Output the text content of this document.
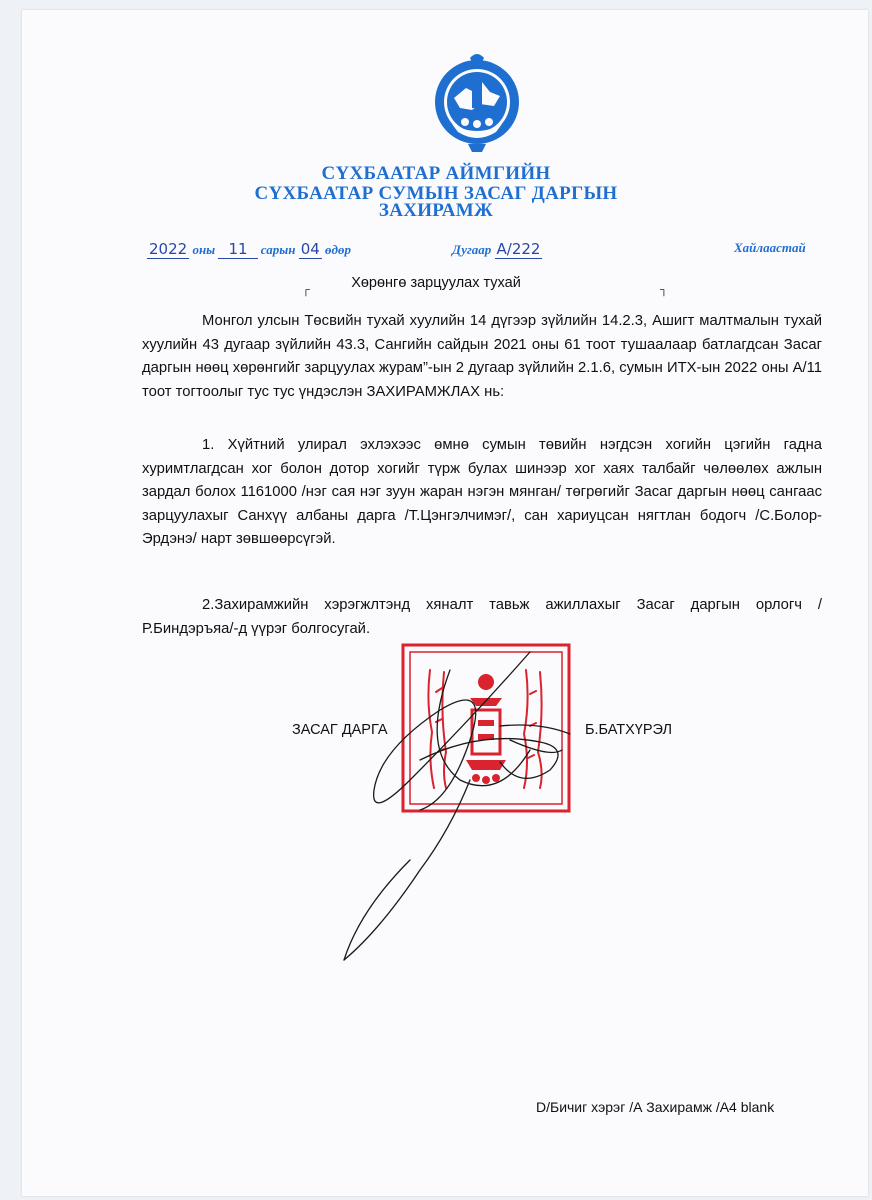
СҮХБААТАР АЙМГИЙН
СҮХБААТАР СУМЫН ЗАСАГ ДАРГЫН
ЗАХИРАМЖ
2022 оны 11 сарын 04 өдөр	Дугаар А/222	Хайлаастай
┌	┐
Хөрөнгө зарцуулах тухай

Монгол улсын Төсвийн тухай хуулийн 14 дүгээр зүйлийн 14.2.3, Ашигт малтмалын тухай хуулийн 43 дугаар зүйлийн 43.3, Сангийн сайдын 2021 оны 61 тоот тушаалаар батлагдсан Засаг даргын нөөц хөрөнгийг зарцуулах журам”-ын 2 дугаар зүйлийн 2.1.6, сумын ИТХ-ын 2022 оны А/11 тоот тогтоолыг тус тус үндэслэн ЗАХИРАМЖЛАХ нь:

1. Хүйтний улирал эхлэхээс өмнө сумын төвийн нэгдсэн хогийн цэгийн гадна хуримтлагдсан хог болон дотор хогийг түрж булах шинээр хог хаях талбайг чөлөөлөх ажлын зардал болох 1161000 /нэг сая нэг зуун жаран нэгэн мянган/ төгрөгийг Засаг даргын нөөц сангаас зарцуулахыг Санхүү албаны дарга /Т.Цэнгэлчимэг/, сан хариуцсан нягтлан бодогч /С.Болор-Эрдэнэ/ нарт зөвшөөрсүгэй.

2.Захирамжийн хэрэгжлтэнд хяналт тавьж ажиллахыг Засаг даргын орлогч /Р.Биндэръяа/-д үүрэг болгосугай.

ЗАСАГ ДАРГА	Б.БАТХҮРЭЛ
D/Бичиг хэрэг /А Захирамж /А4 blank
